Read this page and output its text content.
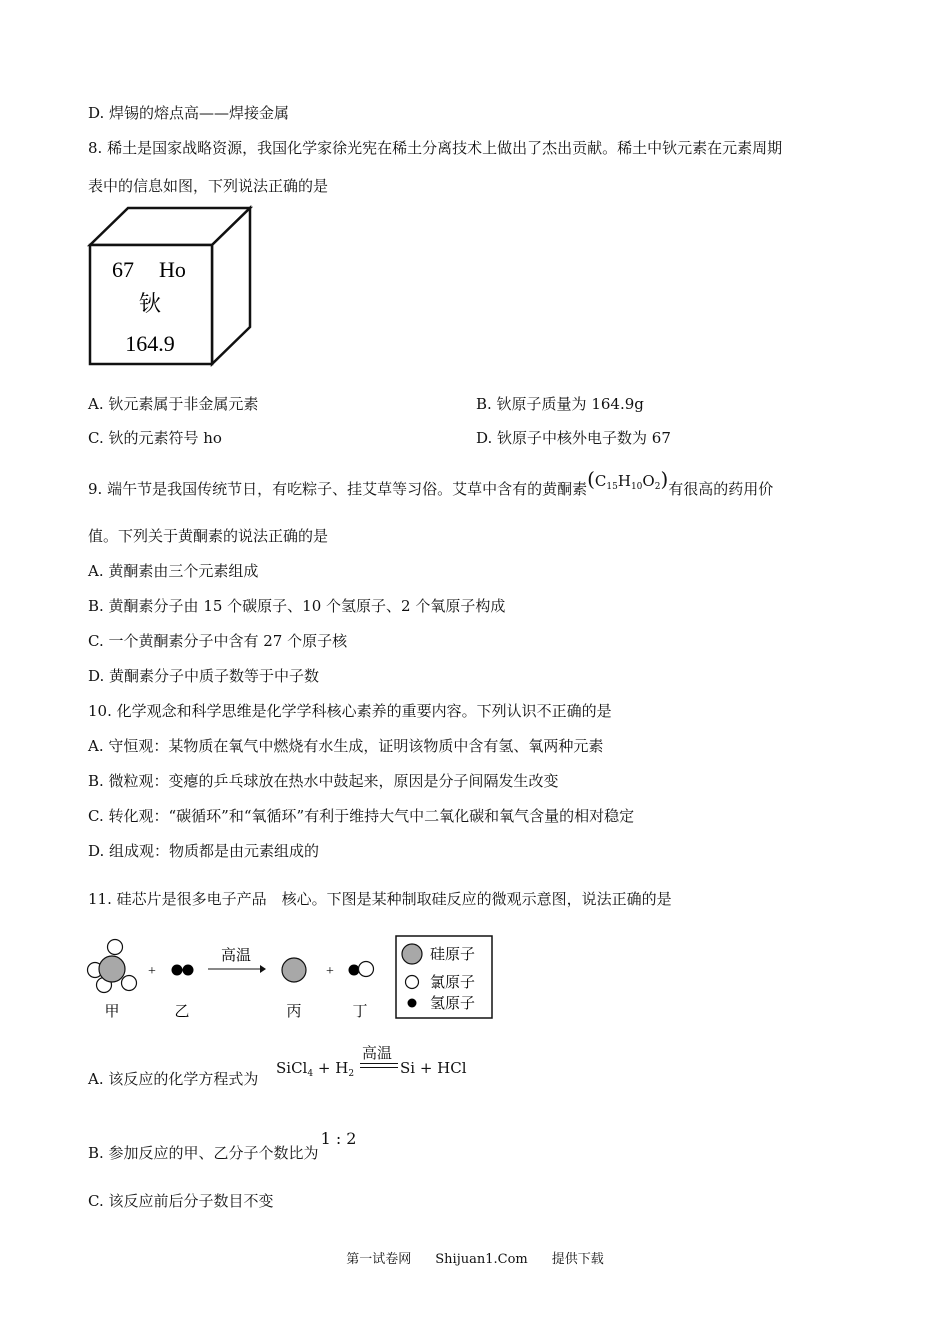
D. 焊锡的熔点高——焊接金属
8. 稀土是国家战略资源，我国化学家徐光宪在稀土分离技术上做出了杰出贡献。稀土中钬元素在元素周期
表中的信息如图，下列说法正确的是
67 Ho
钬
164.9
A. 钬元素属于非金属元素	B. 钬原子质量为 164.9g
C. 钬的元素符号 ho	D. 钬原子中核外电子数为 67
9. 端午节是我国传统节日，有吃粽子、挂艾草等习俗。艾草中含有的黄酮素$(C_{15}H_{10}O_2)$有很高的药用价
值。下列关于黄酮素的说法正确的是
A. 黄酮素由三个元素组成
B. 黄酮素分子由 15 个碳原子、10 个氢原子、2 个氧原子构成
C. 一个黄酮素分子中含有 27 个原子核
D. 黄酮素分子中质子数等于中子数
10. 化学观念和科学思维是化学学科核心素养的重要内容。下列认识不正确的是
A. 守恒观：某物质在氧气中燃烧有水生成，证明该物质中含有氢、氧两种元素
B. 微粒观：变瘪的乒乓球放在热水中鼓起来，原因是分子间隔发生改变
C. 转化观：“碳循环”和“氧循环”有利于维持大气中二氧化碳和氧气含量的相对稳定
D. 组成观：物质都是由元素组成的
11. 硅芯片是很多电子产品　核心。下图是某种制取硅反应的微观示意图，说法正确的是
+
高温
+
甲	乙	丙	丁
硅原子
氯原子
氢原子
A. 该反应的化学方程式为
SiCl$_4$ + $H_2$
高温
Si + HCl
B. 参加反应的甲、乙分子个数比为1 : 2
C. 该反应前后分子数目不变
第一试卷网 Shijuan1.Com 提供下载
